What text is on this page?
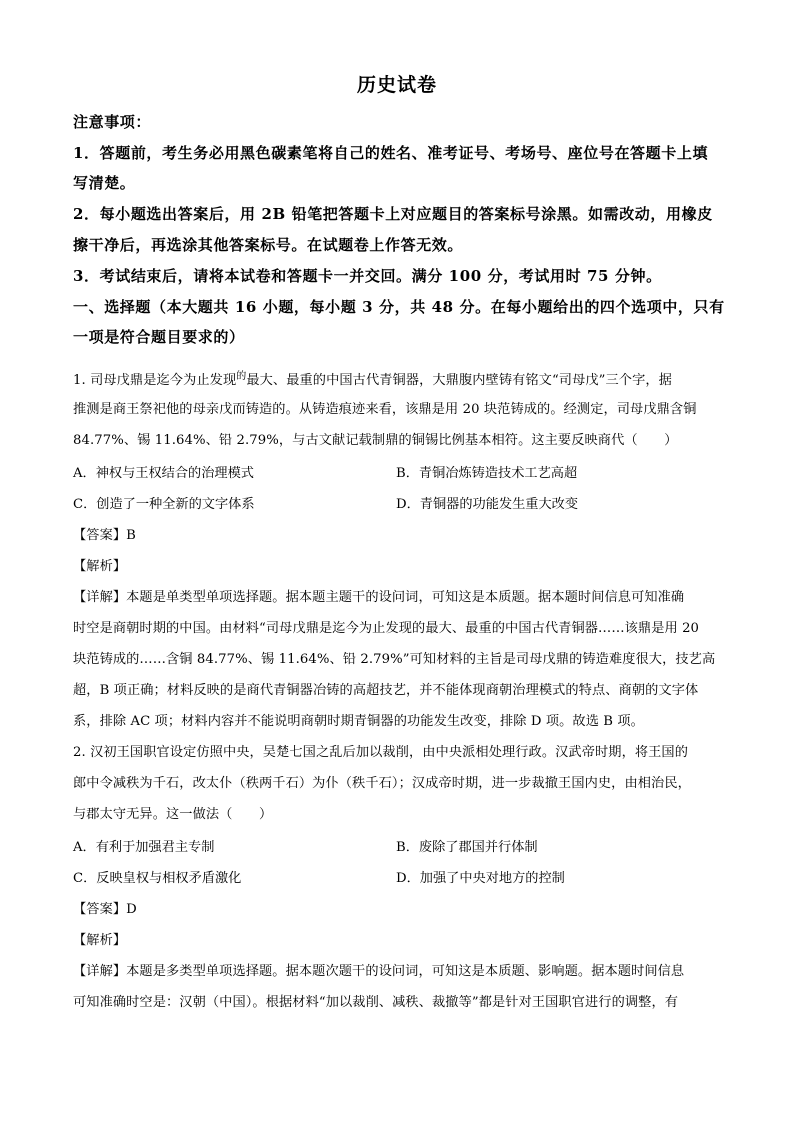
历史试卷
注意事项：
1．答题前，考生务必用黑色碳素笔将自己的姓名、准考证号、考场号、座位号在答题卡上填
写清楚。
2．每小题选出答案后，用 2B 铅笔把答题卡上对应题目的答案标号涂黑。如需改动，用橡皮
擦干净后，再选涂其他答案标号。在试题卷上作答无效。
3．考试结束后，请将本试卷和答题卡一并交回。满分 100 分，考试用时 75 分钟。
一、选择题（本大题共 16 小题，每小题 3 分，共 48 分。在每小题给出的四个选项中，只有
一项是符合题目要求的）
1. 司母戊鼎是迄今为止发现$^的$最大、最重的中国古代青铜器，大鼎腹内壁铸有铭文“司母戊”三个字，据
推测是商王祭祀他的母亲戊而铸造的。从铸造痕迹来看，该鼎是用 20 块范铸成的。经测定，司母戊鼎含铜
84.77%、锡 11.64%、铅 2.79%，与古文献记载制鼎的铜锡比例基本相符。这主要反映商代（　　）
A．神权与王权结合的治理模式	B．青铜冶炼铸造技术工艺高超
C．创造了一种全新的文字体系	D．青铜器的功能发生重大改变
【答案】B
【解析】
【详解】本题是单类型单项选择题。据本题主题干的设问词，可知这是本质题。据本题时间信息可知准确
时空是商朝时期的中国。由材料“司母戊鼎是迄今为止发现的最大、最重的中国古代青铜器……该鼎是用 20
块范铸成的……含铜 84.77%、锡 11.64%、铅 2.79%”可知材料的主旨是司母戊鼎的铸造难度很大，技艺高
超，B 项正确；材料反映的是商代青铜器冶铸的高超技艺，并不能体现商朝治理模式的特点、商朝的文字体
系，排除 AC 项；材料内容并不能说明商朝时期青铜器的功能发生改变，排除 D 项。故选 B 项。
2. 汉初王国职官设定仿照中央，吴楚七国之乱后加以裁削，由中央派相处理行政。汉武帝时期，将王国的
郎中令减秩为千石，改太仆（秩两千石）为仆（秩千石）；汉成帝时期，进一步裁撤王国内史，由相治民，
与郡太守无异。这一做法（　　）
A．有利于加强君主专制	B．废除了郡国并行体制
C．反映皇权与相权矛盾激化	D．加强了中央对地方的控制
【答案】D
【解析】
【详解】本题是多类型单项选择题。据本题次题干的设问词，可知这是本质题、影响题。据本题时间信息
可知准确时空是：汉朝（中国）。根据材料“加以裁削、减秩、裁撤等”都是针对王国职官进行的调整，有
